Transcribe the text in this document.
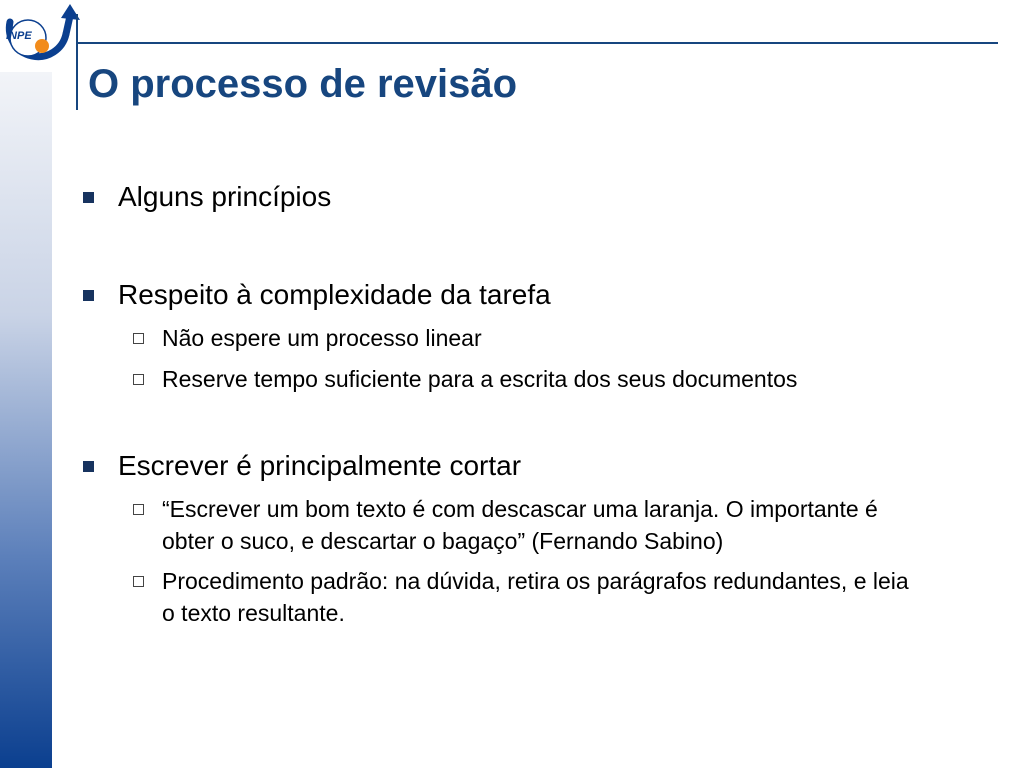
INPE
O processo de revisão
Alguns princípios
Respeito à complexidade da tarefa
Não espere um processo linear
Reserve tempo suficiente para a escrita dos seus documentos
Escrever é principalmente cortar
“Escrever um bom texto é com descascar uma laranja. O importante é obter o suco, e descartar o bagaço” (Fernando Sabino)
Procedimento padrão: na dúvida, retira os parágrafos redundantes, e leia o texto resultante.
